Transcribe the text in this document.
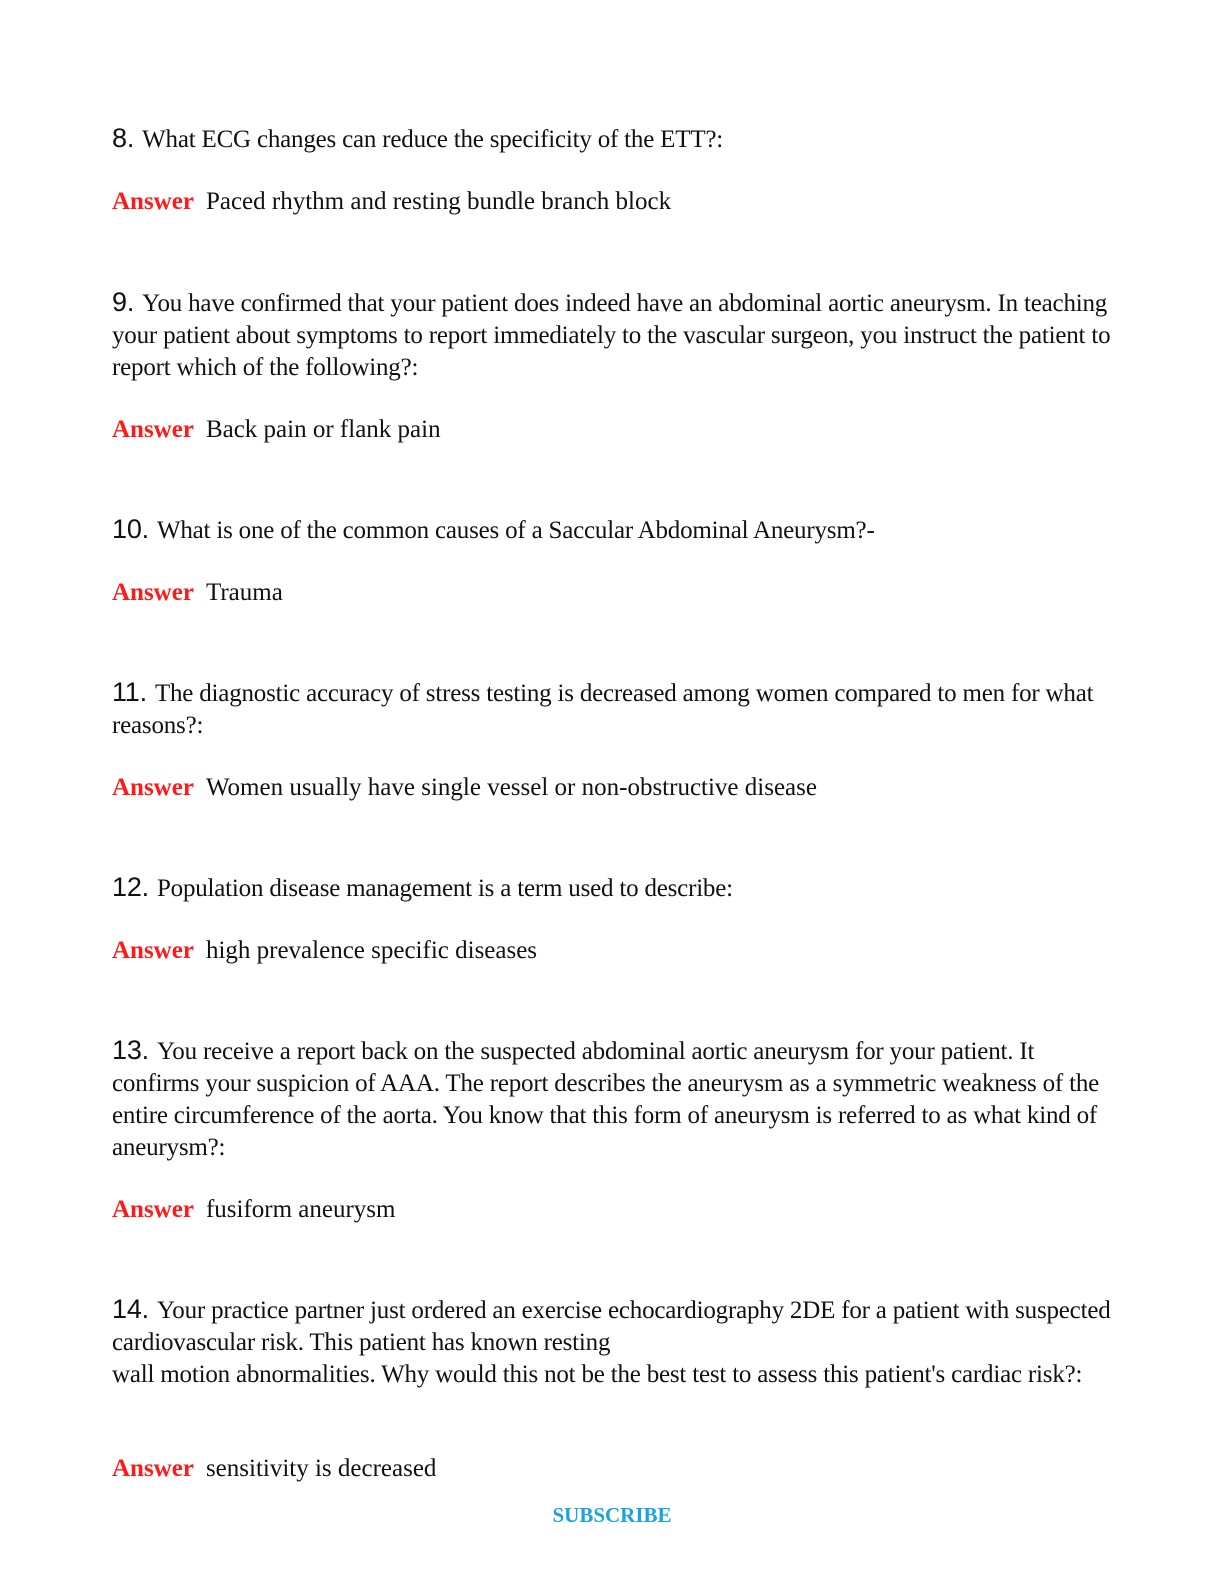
8. What ECG changes can reduce the specificity of the ETT?:

Answer Paced rhythm and resting bundle branch block

9. You have confirmed that your patient does indeed have an abdominal aortic aneurysm. In teaching your patient about symptoms to report immediately to the vascular surgeon, you instruct the patient to report which of the following?:

Answer Back pain or flank pain

10. What is one of the common causes of a Saccular Abdominal Aneurysm?-

Answer Trauma

11. The diagnostic accuracy of stress testing is decreased among women compared to men for what reasons?:

Answer Women usually have single vessel or non-obstructive disease

12. Population disease management is a term used to describe:

Answer high prevalence specific diseases

13. You receive a report back on the suspected abdominal aortic aneurysm for your patient. It confirms your suspicion of AAA. The report describes the aneurysm as a symmetric weakness of the entire circumference of the aorta. You know that this form of aneurysm is referred to as what kind of aneurysm?:

Answer fusiform aneurysm

14. Your practice partner just ordered an exercise echocardiography 2DE for a patient with suspected cardiovascular risk. This patient has known resting
wall motion abnormalities. Why would this not be the best test to assess this patient's cardiac risk?:

Answer sensitivity is decreased
SUBSCRIBE
